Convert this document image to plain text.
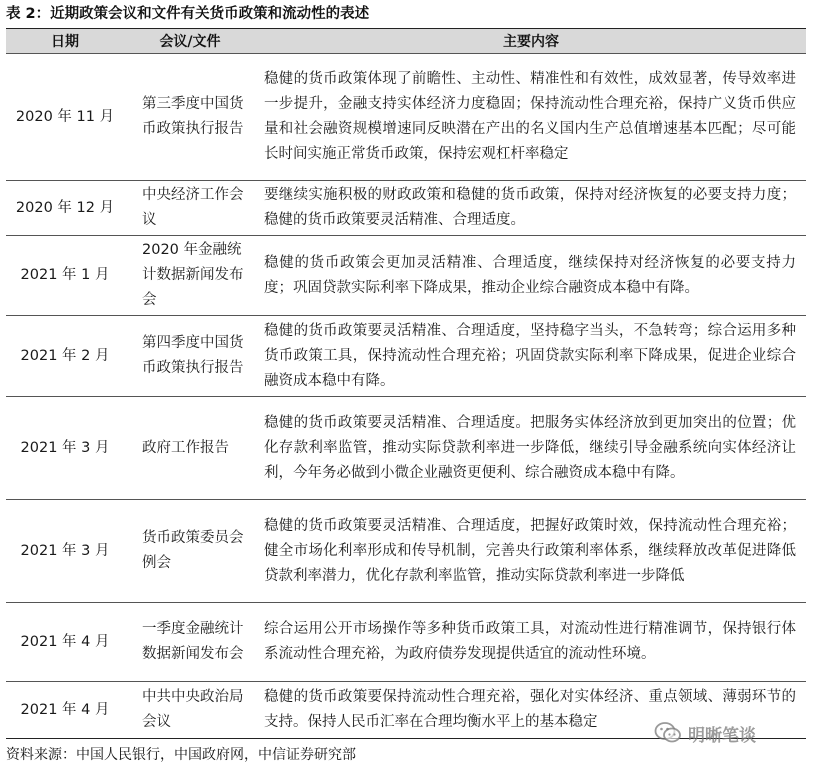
表 2：近期政策会议和文件有关货币政策和流动性的表述
日期	会议/文件	主要内容
2020 年 11 月	第三季度中国货币政策执行报告	稳健的货币政策体现了前瞻性、主动性、精准性和有效性，成效显著，传导效率进一步提升，金融支持实体经济力度稳固；保持流动性合理充裕，保持广义货币供应量和社会融资规模增速同反映潜在产出的名义国内生产总值增速基本匹配；尽可能长时间实施正常货币政策，保持宏观杠杆率稳定
2020 年 12 月	中央经济工作会议	要继续实施积极的财政政策和稳健的货币政策，保持对经济恢复的必要支持力度；稳健的货币政策要灵活精准、合理适度。
2021 年 1 月	2020 年金融统计数据新闻发布会	稳健的货币政策会更加灵活精准、合理适度，继续保持对经济恢复的必要支持力度；巩固贷款实际利率下降成果，推动企业综合融资成本稳中有降。
2021 年 2 月	第四季度中国货币政策执行报告	稳健的货币政策要灵活精准、合理适度，坚持稳字当头，不急转弯；综合运用多种货币政策工具，保持流动性合理充裕；巩固贷款实际利率下降成果，促进企业综合融资成本稳中有降。
2021 年 3 月	政府工作报告	稳健的货币政策要灵活精准、合理适度。把服务实体经济放到更加突出的位置；优化存款利率监管，推动实际贷款利率进一步降低，继续引导金融系统向实体经济让利，今年务必做到小微企业融资更便利、综合融资成本稳中有降。
2021 年 3 月	货币政策委员会例会	稳健的货币政策要灵活精准、合理适度，把握好政策时效，保持流动性合理充裕；健全市场化利率形成和传导机制，完善央行政策利率体系，继续释放改革促进降低贷款利率潜力，优化存款利率监管，推动实际贷款利率进一步降低
2021 年 4 月	一季度金融统计数据新闻发布会	综合运用公开市场操作等多种货币政策工具，对流动性进行精准调节，保持银行体系流动性合理充裕，为政府债券发现提供适宜的流动性环境。
2021 年 4 月	中共中央政治局会议	稳健的货币政策要保持流动性合理充裕，强化对实体经济、重点领域、薄弱环节的支持。保持人民币汇率在合理均衡水平上的基本稳定
资料来源：中国人民银行，中国政府网，中信证券研究部
明晰笔谈
